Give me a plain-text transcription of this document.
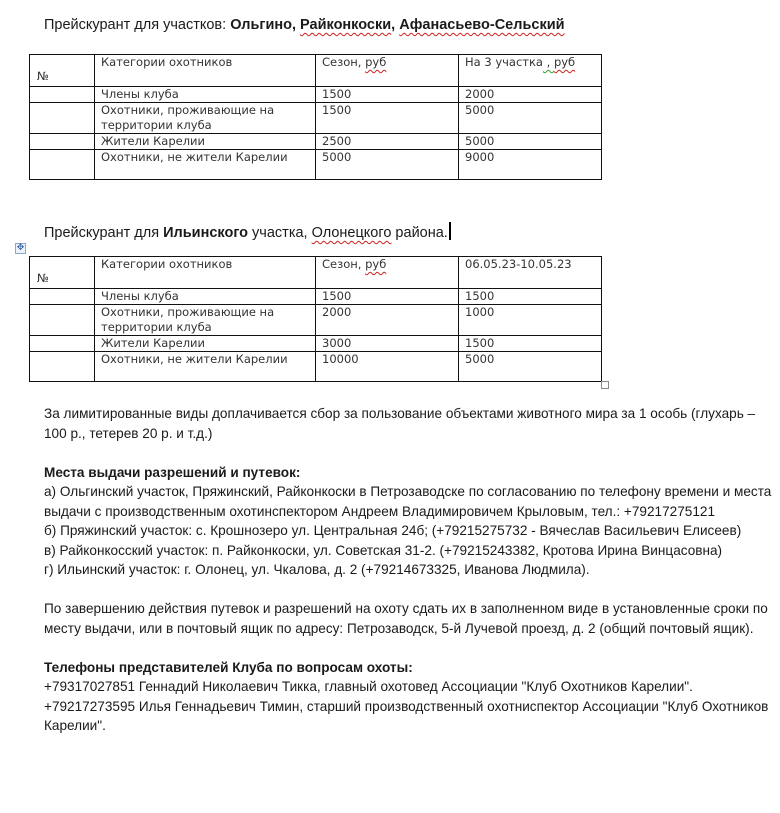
Прейскурант для участков: Ольгино, Райконкоски, Афанасьево-Сельский
№	Категории охотников	Сезон, руб	На 3 участка , руб
	Члены клуба	1500	2000
	Охотники, проживающие на территории клуба	1500	5000
	Жители Карелии	2500	5000
	Охотники, не жители Карелии	5000	9000
Прейскурант для Ильинского участка, Олонецкого района.
✥
№	Категории охотников	Сезон, руб	06.05.23-10.05.23
	Члены клуба	1500	1500
	Охотники, проживающие на территории клуба	2000	1000
	Жители Карелии	3000	1500
	Охотники, не жители Карелии	10000	5000

За лимитированные виды доплачивается сбор за пользование объектами животного мира за 1 особь (глухарь – 100 р., тетерев 20 р. и т.д.)

Места выдачи разрешений и путевок:

а) Ольгинский участок, Пряжинский, Райконкоски в Петрозаводске по согласованию по телефону времени и места выдачи с производственным охотинспектором Андреем Владимировичем Крыловым, тел.: +79217275121

б) Пряжинский участок: с. Крошнозеро ул. Центральная 24б; (+79215275732 - Вячеслав Васильевич Елисеев)

в) Райконкосский участок: п. Райконкоски, ул. Советская 31-2. (+79215243382, Кротова Ирина Винцасовна)

г) Ильинский участок: г. Олонец, ул. Чкалова, д. 2 (+79214673325, Иванова Людмила).

По завершению действия путевок и разрешений на охоту сдать их в заполненном виде в установленные сроки по месту выдачи, или в почтовый ящик по адресу: Петрозаводск, 5-й Лучевой проезд, д. 2 (общий почтовый ящик).

Телефоны представителей Клуба по вопросам охоты:

+79317027851 Геннадий Николаевич Тикка, главный охотовед Ассоциации "Клуб Охотников Карелии".

+79217273595 Илья Геннадьевич Тимин, старший производственный охотниспектор Ассоциации "Клуб Охотников Карелии".
